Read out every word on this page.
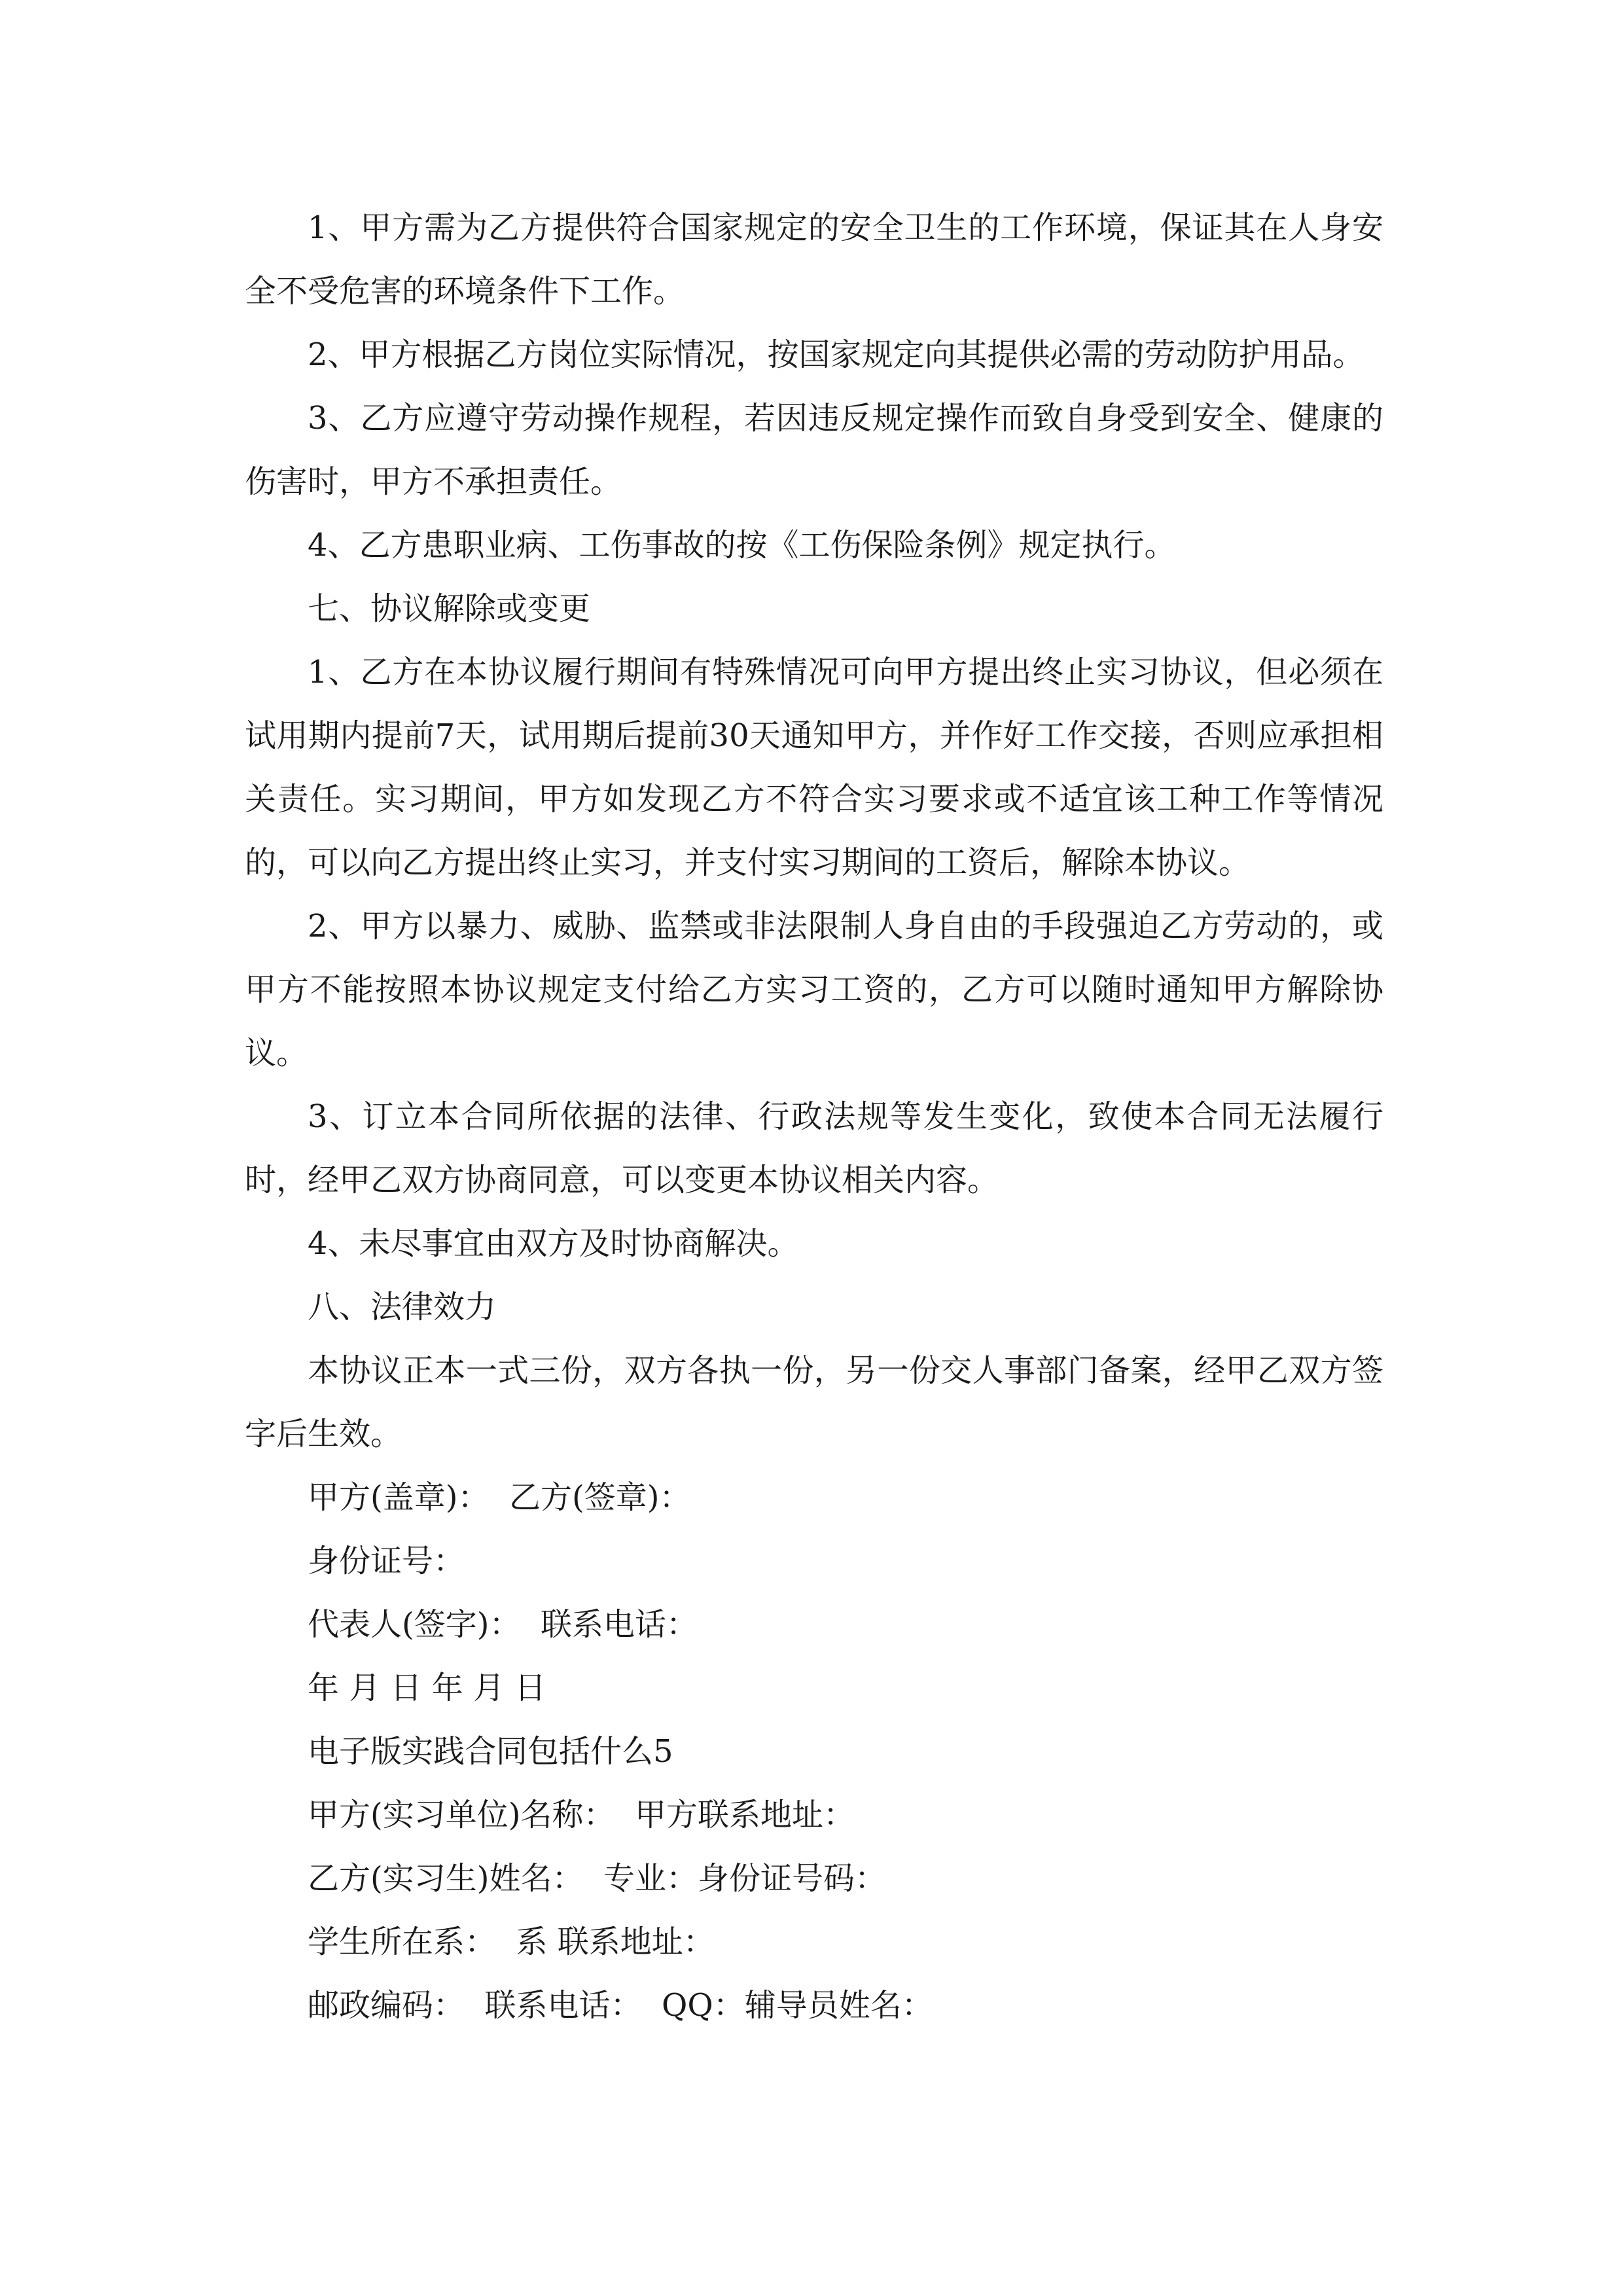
1、甲方需为乙方提供符合国家规定的安全卫生的工作环境，保证其在人身安全不受危害的环境条件下工作。

2、甲方根据乙方岗位实际情况，按国家规定向其提供必需的劳动防护用品。

3、乙方应遵守劳动操作规程，若因违反规定操作而致自身受到安全、健康的伤害时，甲方不承担责任。

4、乙方患职业病、工伤事故的按《工伤保险条例》规定执行。

七、协议解除或变更

1、乙方在本协议履行期间有特殊情况可向甲方提出终止实习协议，但必须在试用期内提前7天，试用期后提前30天通知甲方，并作好工作交接，否则应承担相关责任。实习期间，甲方如发现乙方不符合实习要求或不适宜该工种工作等情况的，可以向乙方提出终止实习，并支付实习期间的工资后，解除本协议。

2、甲方以暴力、威胁、监禁或非法限制人身自由的手段强迫乙方劳动的，或甲方不能按照本协议规定支付给乙方实习工资的，乙方可以随时通知甲方解除协议。

3、订立本合同所依据的法律、行政法规等发生变化，致使本合同无法履行时，经甲乙双方协商同意，可以变更本协议相关内容。

4、未尽事宜由双方及时协商解决。

八、法律效力

本协议正本一式三份，双方各执一份，另一份交人事部门备案，经甲乙双方签字后生效。

甲方(盖章)：  乙方(签章)：

身份证号：

代表人(签字)：  联系电话：

年 月 日 年 月 日

电子版实践合同包括什么5

甲方(实习单位)名称：  甲方联系地址：

乙方(实习生)姓名：  专业：身份证号码：

学生所在系：  系 联系地址：

邮政编码：  联系电话：  QQ：辅导员姓名：
